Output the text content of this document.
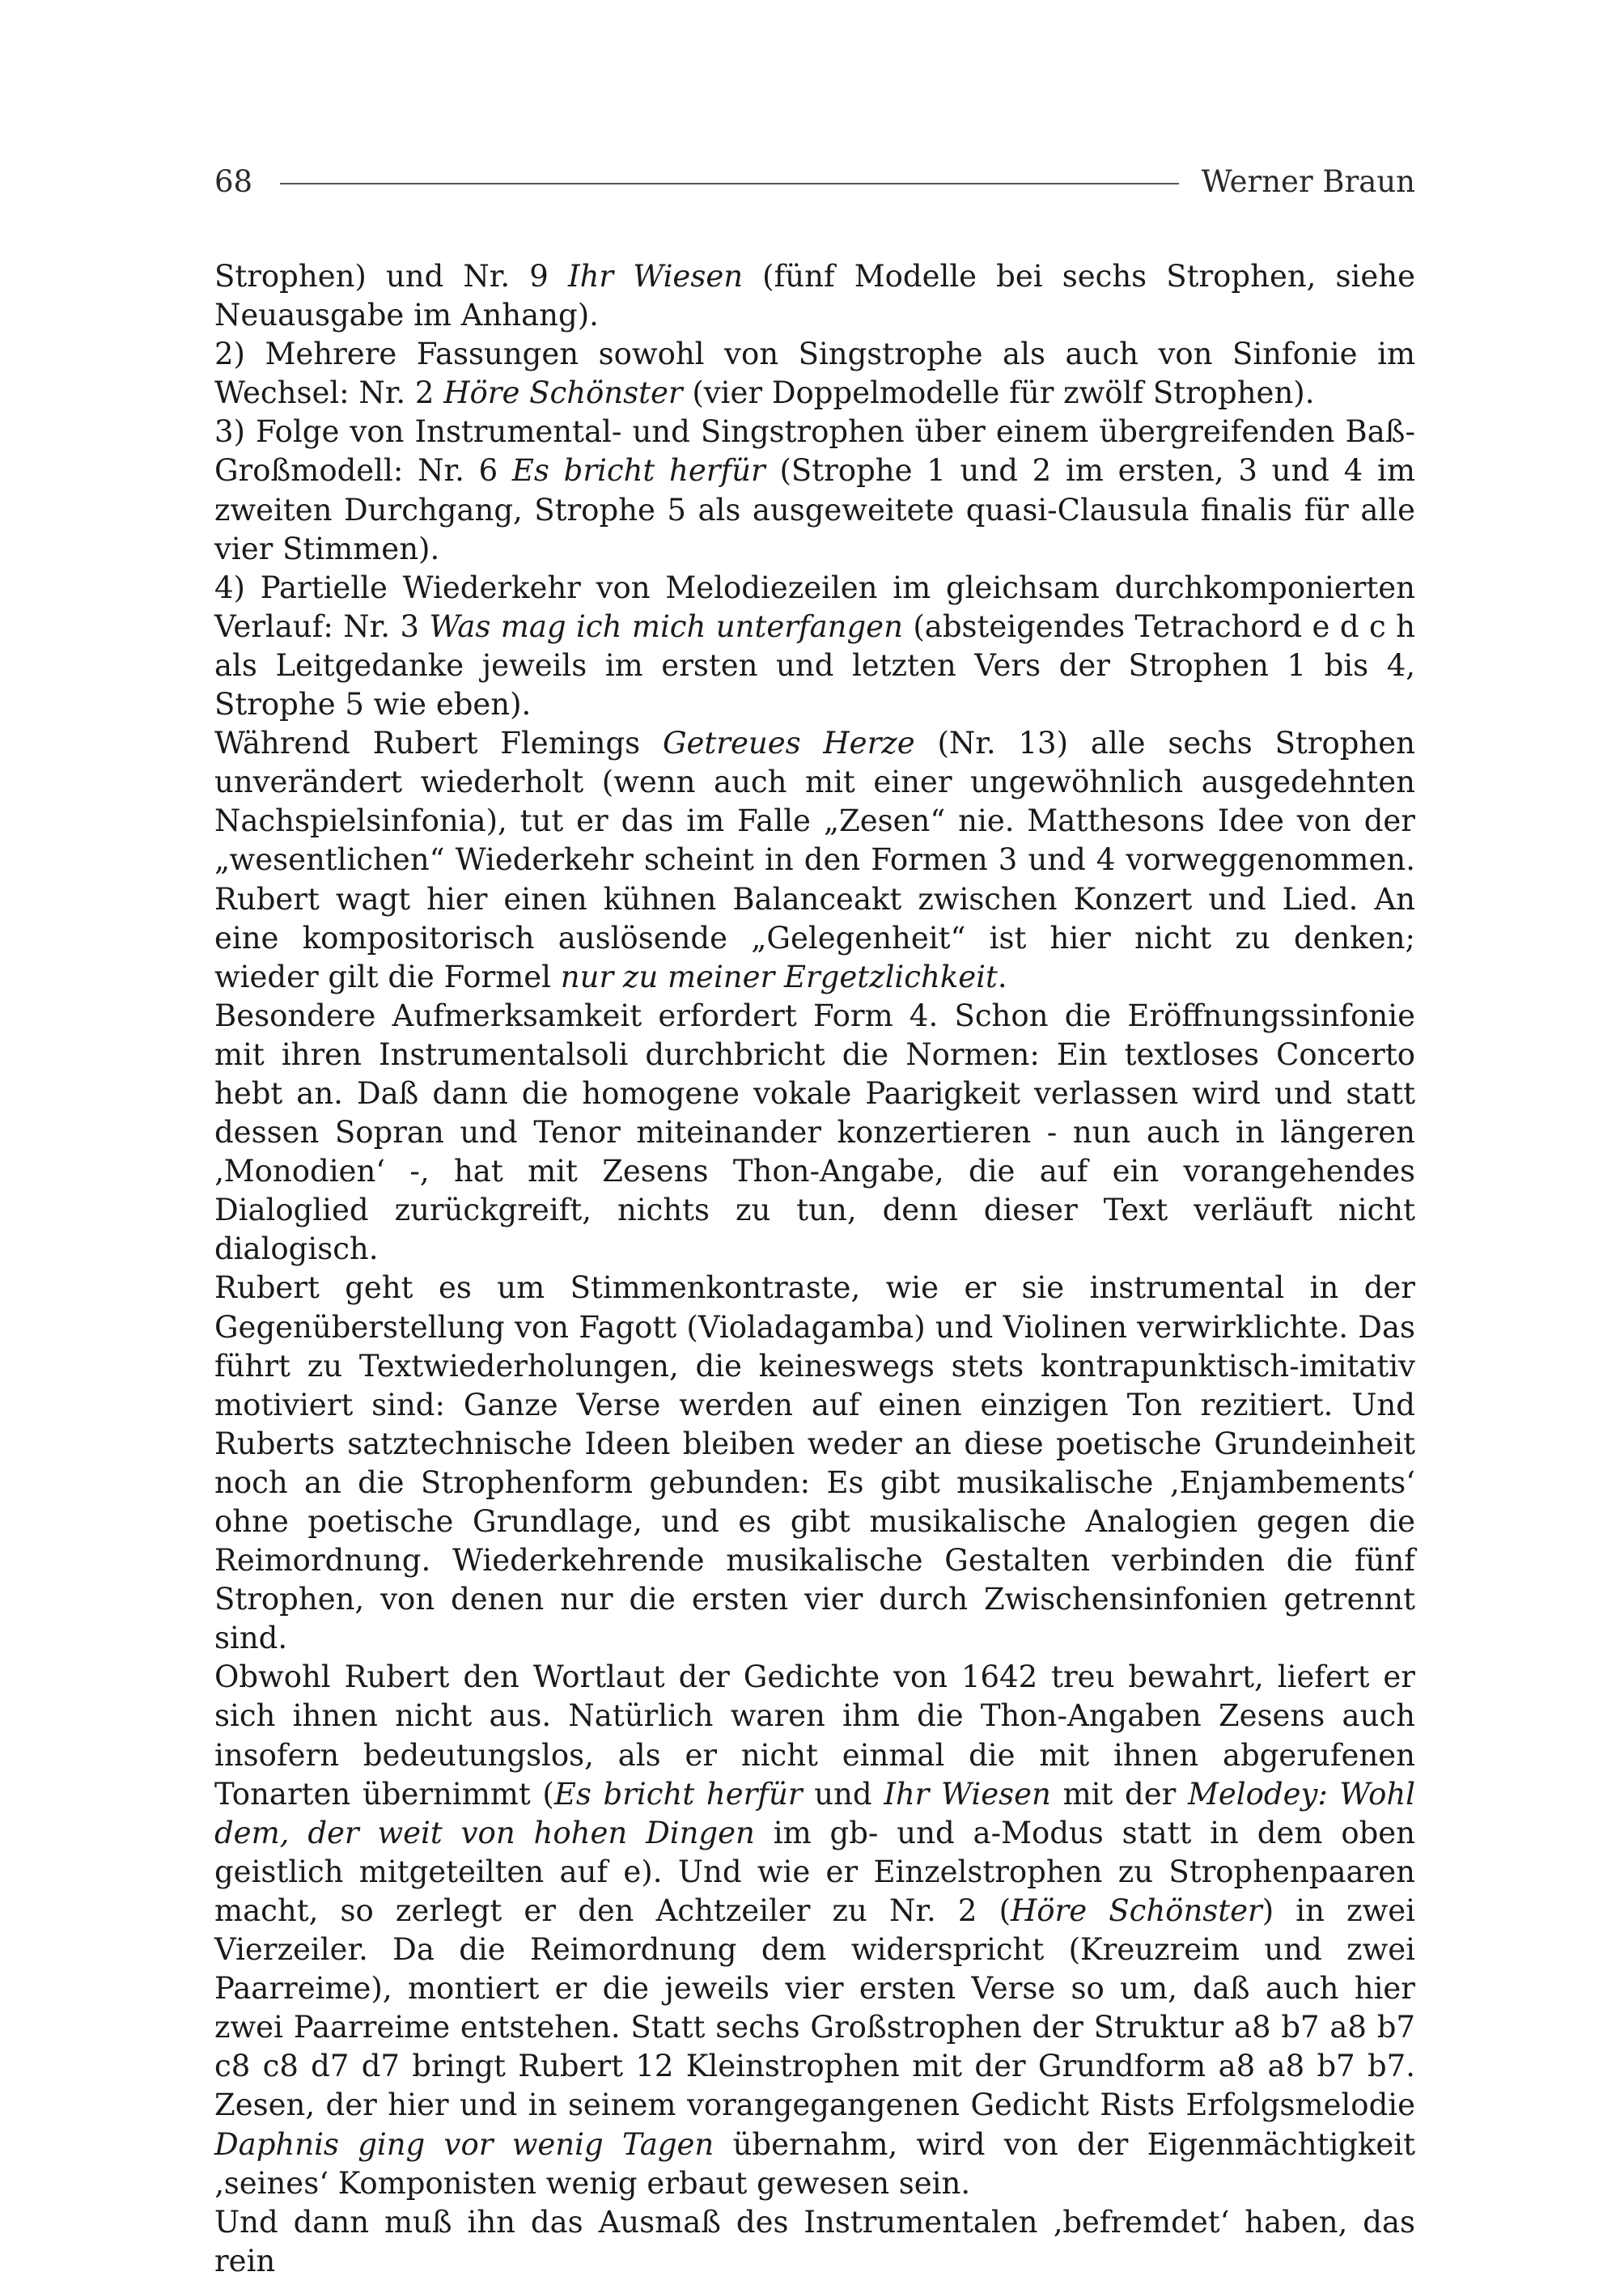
68	Werner Braun

Strophen) und Nr. 9 Ihr Wiesen (fünf Modelle bei sechs Strophen, siehe Neuausgabe im Anhang).

2) Mehrere Fassungen sowohl von Singstrophe als auch von Sinfonie im Wechsel: Nr. 2 Höre Schönster (vier Doppelmodelle für zwölf Strophen).

3) Folge von Instrumental- und Singstrophen über einem übergreifenden Baß-Großmodell: Nr. 6 Es bricht herfür (Strophe 1 und 2 im ersten, 3 und 4 im zweiten Durchgang, Strophe 5 als ausgeweitete quasi-Clausula finalis für alle vier Stimmen).

4) Partielle Wiederkehr von Melodiezeilen im gleichsam durchkomponierten Verlauf: Nr. 3 Was mag ich mich unterfangen (absteigendes Tetrachord e d c h als Leitgedanke jeweils im ersten und letzten Vers der Strophen 1 bis 4, Strophe 5 wie eben).

Während Rubert Flemings Getreues Herze (Nr. 13) alle sechs Strophen unverändert wiederholt (wenn auch mit einer ungewöhnlich ausgedehnten Nachspielsinfonia), tut er das im Falle „Zesen“ nie. Matthesons Idee von der „wesentlichen“ Wiederkehr scheint in den Formen 3 und 4 vorweggenommen. Rubert wagt hier einen kühnen Balanceakt zwischen Konzert und Lied. An eine kompositorisch auslösende „Gelegenheit“ ist hier nicht zu denken; wieder gilt die Formel nur zu meiner Ergetzlichkeit.

Besondere Aufmerksamkeit erfordert Form 4. Schon die Eröffnungssinfonie mit ihren Instrumentalsoli durchbricht die Normen: Ein textloses Concerto hebt an. Daß dann die homogene vokale Paarigkeit verlassen wird und statt dessen Sopran und Tenor miteinander konzertieren - nun auch in längeren ‚Monodien‘ -, hat mit Zesens Thon-Angabe, die auf ein vorangehendes Dialoglied zurückgreift, nichts zu tun, denn dieser Text verläuft nicht dialogisch.

Rubert geht es um Stimmenkontraste, wie er sie instrumental in der Gegenüberstellung von Fagott (Violadagamba) und Violinen verwirklichte. Das führt zu Textwiederholungen, die keineswegs stets kontrapunktisch-imitativ motiviert sind: Ganze Verse werden auf einen einzigen Ton rezitiert. Und Ruberts satztechnische Ideen bleiben weder an diese poetische Grundeinheit noch an die Strophenform gebunden: Es gibt musikalische ‚Enjambements‘ ohne poetische Grundlage, und es gibt musikalische Analogien gegen die Reimordnung. Wiederkehrende musikalische Gestalten verbinden die fünf Strophen, von denen nur die ersten vier durch Zwischensinfonien getrennt sind.

Obwohl Rubert den Wortlaut der Gedichte von 1642 treu bewahrt, liefert er sich ihnen nicht aus. Natürlich waren ihm die Thon-Angaben Zesens auch insofern bedeutungslos, als er nicht einmal die mit ihnen abgerufenen Tonarten übernimmt (Es bricht herfür und Ihr Wiesen mit der Melodey: Wohl dem, der weit von hohen Dingen im gb- und a-Modus statt in dem oben geistlich mitgeteilten auf e). Und wie er Einzelstrophen zu Strophenpaaren macht, so zerlegt er den Achtzeiler zu Nr. 2 (Höre Schönster) in zwei Vierzeiler. Da die Reimordnung dem widerspricht (Kreuzreim und zwei Paarreime), montiert er die jeweils vier ersten Verse so um, daß auch hier zwei Paarreime entstehen. Statt sechs Großstrophen der Struktur a8 b7 a8 b7 c8 c8 d7 d7 bringt Rubert 12 Kleinstrophen mit der Grundform a8 a8 b7 b7. Zesen, der hier und in seinem vorangegangenen Gedicht Rists Erfolgsmelodie Daphnis ging vor wenig Tagen übernahm, wird von der Eigenmächtigkeit ‚seines‘ Komponisten wenig erbaut gewesen sein.

Und dann muß ihn das Ausmaß des Instrumentalen ‚befremdet‘ haben, das rein
